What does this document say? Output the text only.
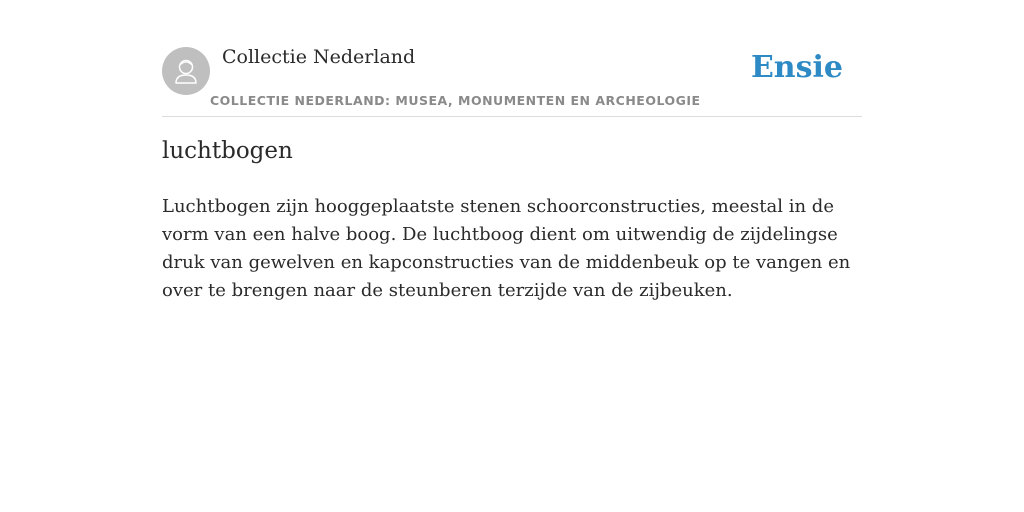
Collectie Nederland
COLLECTIE NEDERLAND: MUSEA, MONUMENTEN EN ARCHEOLOGIE
Ensie
luchtbogen

Luchtbogen zijn hooggeplaatste stenen schoorconstructies, meestal in de vorm van een halve boog. De luchtboog dient om uitwendig de zijdelingse druk van gewelven en kapconstructies van de middenbeuk op te vangen en over te brengen naar de steunberen terzijde van de zijbeuken.
